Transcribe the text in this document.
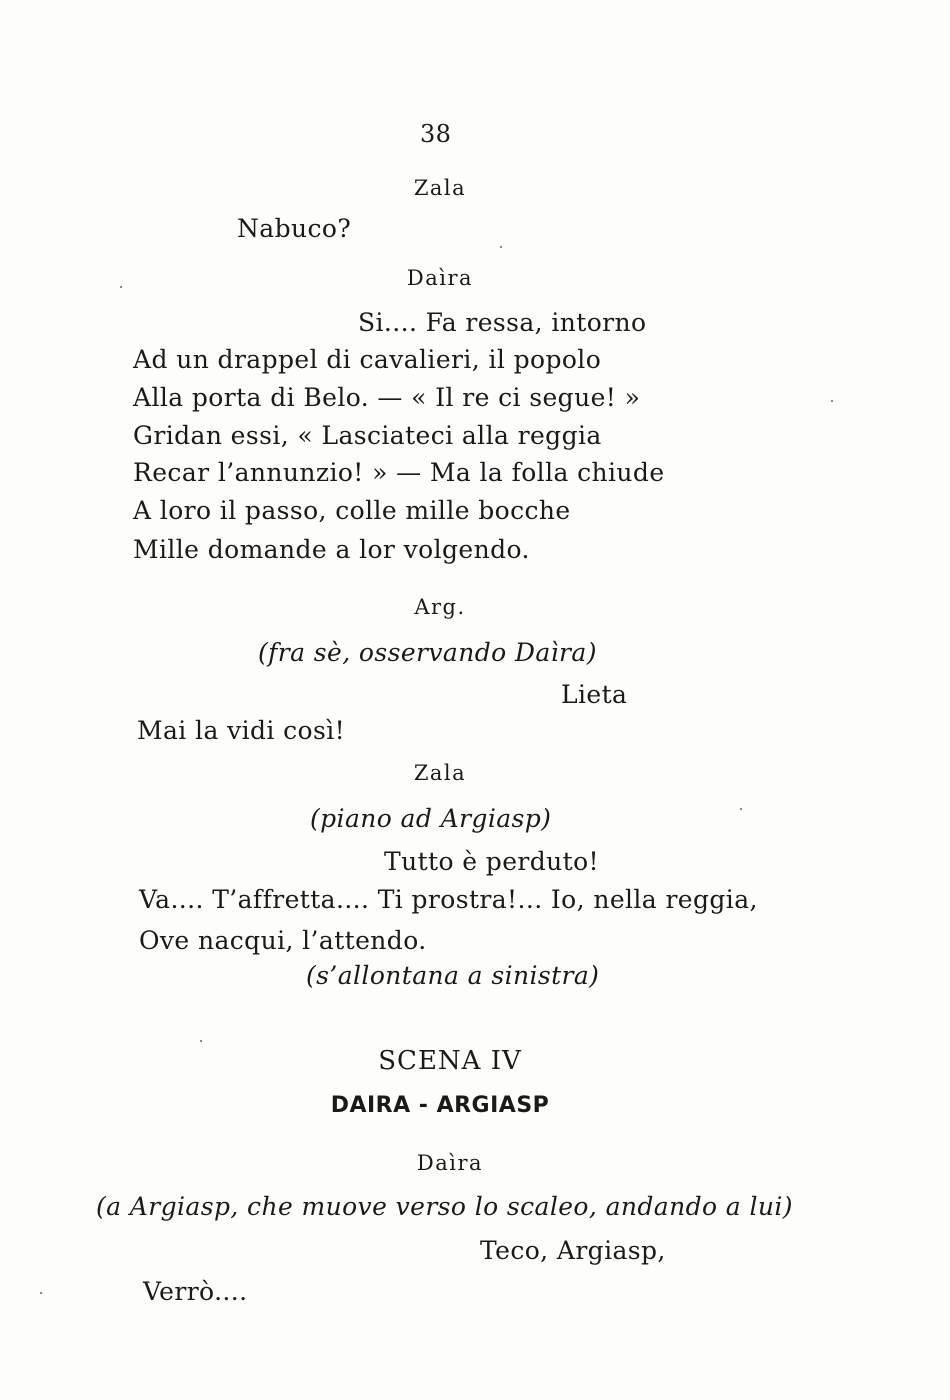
38
Zala
Nabuco?
Daìra
Si.... Fa ressa, intorno
Ad un drappel di cavalieri, il popolo
Alla porta di Belo. — « Il re ci segue! »
Gridan essi, « Lasciateci alla reggia
Recar l’annunzio! » — Ma la folla chiude
A loro il passo, colle mille bocche
Mille domande a lor volgendo.
Arg.
(fra sè, osservando Daìra)
Lieta
Mai la vidi così!
Zala
(piano ad Argiasp)
Tutto è perduto!
Va.... T’affretta.... Ti prostra!... Io, nella reggia,
Ove nacqui, l’attendo.
(s’allontana a sinistra)
SCENA IV
DAIRA - ARGIASP
Daìra
(a Argiasp, che muove verso lo scaleo, andando a lui)
Teco, Argiasp,
Verrò....
